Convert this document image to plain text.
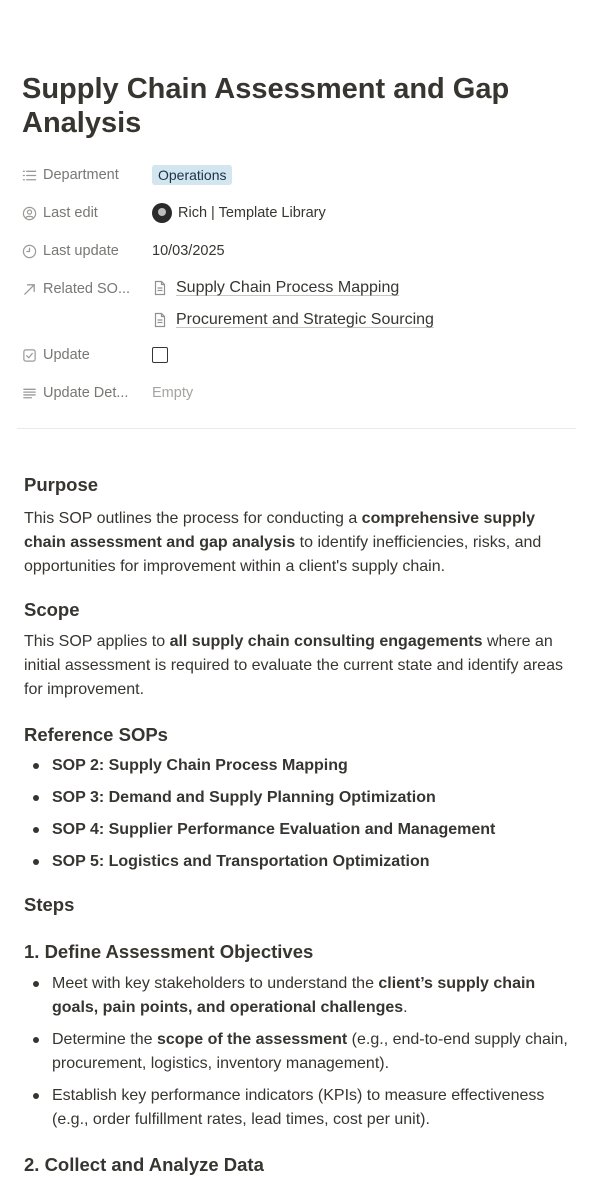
Supply Chain Assessment and Gap Analysis
Department	Operations
Last edit	Rich | Template Library
Last update 10/03/2025
Related SO...	Supply Chain Process Mapping
Procurement and Strategic Sourcing
Update
Update Det... Empty
Purpose

This SOP outlines the process for conducting a comprehensive supply chain assessment and gap analysis to identify inefficiencies, risks, and opportunities for improvement within a client's supply chain.

Scope

This SOP applies to all supply chain consulting engagements where an initial assessment is required to evaluate the current state and identify areas for improvement.

Reference SOPs
SOP 2: Supply Chain Process Mapping
SOP 3: Demand and Supply Planning Optimization
SOP 4: Supplier Performance Evaluation and Management
SOP 5: Logistics and Transportation Optimization
Steps
1. Define Assessment Objectives
Meet with key stakeholders to understand the client’s supply chain goals, pain points, and operational challenges.
Determine the scope of the assessment (e.g., end-to-end supply chain, procurement, logistics, inventory management).
Establish key performance indicators (KPIs) to measure effectiveness (e.g., order fulfillment rates, lead times, cost per unit).
2. Collect and Analyze Data
